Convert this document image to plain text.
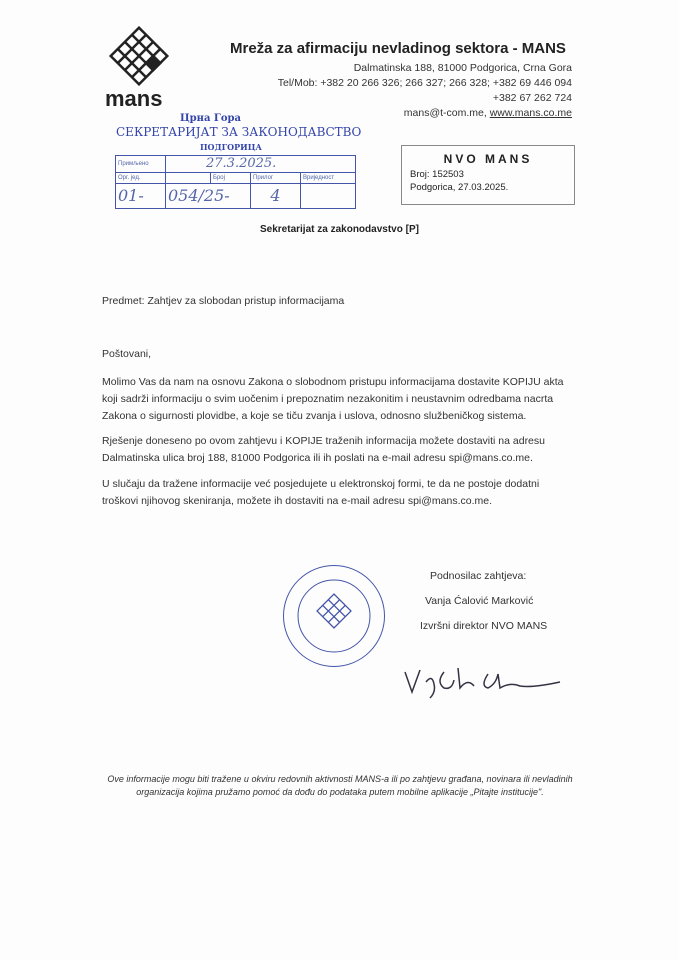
mans
Mreža za afirmaciju nevladinog sektora - MANS
Dalmatinska 188, 81000 Podgorica, Crna Gora
Tel/Mob: +382 20 266 326; 266 327; 266 328; +382 69 446 094
+382 67 262 724
mans@t-com.me, www.mans.co.me
Црна Гора
СЕКРЕТАРИЈАТ ЗА ЗАКОНОДАВСТВО
ПОДГОРИЦА
Примљено	27.3.2025.			
Орг. јед.		Број	Прилог	Вриједност
01-	054/25-		4	
NVO MANS
Broj: 152503
Podgorica, 27.03.2025.
Sekretarijat za zakonodavstvo [P]
Predmet: Zahtjev za slobodan pristup informacijama
Poštovani,
Molimo Vas da nam na osnovu Zakona o slobodnom pristupu informacijama dostavite KOPIJU akta koji sadrži informaciju o svim uočenim i prepoznatim nezakonitim i neustavnim odredbama nacrta Zakona o sigurnosti plovidbe, a koje se tiču zvanja i uslova, odnosno službeničkog sistema.
Rješenje doneseno po ovom zahtjevu i KOPIJE traženih informacija možete dostaviti na adresu Dalmatinska ulica broj 188, 81000 Podgorica ili ih poslati na e-mail adresu spi@mans.co.me.
U slučaju da tražene informacije već posjedujete u elektronskoj formi, te da ne postoje dodatni troškovi njihovog skeniranja, možete ih dostaviti na e-mail adresu spi@mans.co.me.
Podnosilac zahtjeva:
Vanja Ćalović Marković
Izvršni direktor NVO MANS
Ove informacije mogu biti tražene u okviru redovnih aktivnosti MANS-a ili po zahtjevu građana, novinara ili nevladinih organizacija kojima pružamo pomoć da dođu do podataka putem mobilne aplikacije „Pitajte institucije".
